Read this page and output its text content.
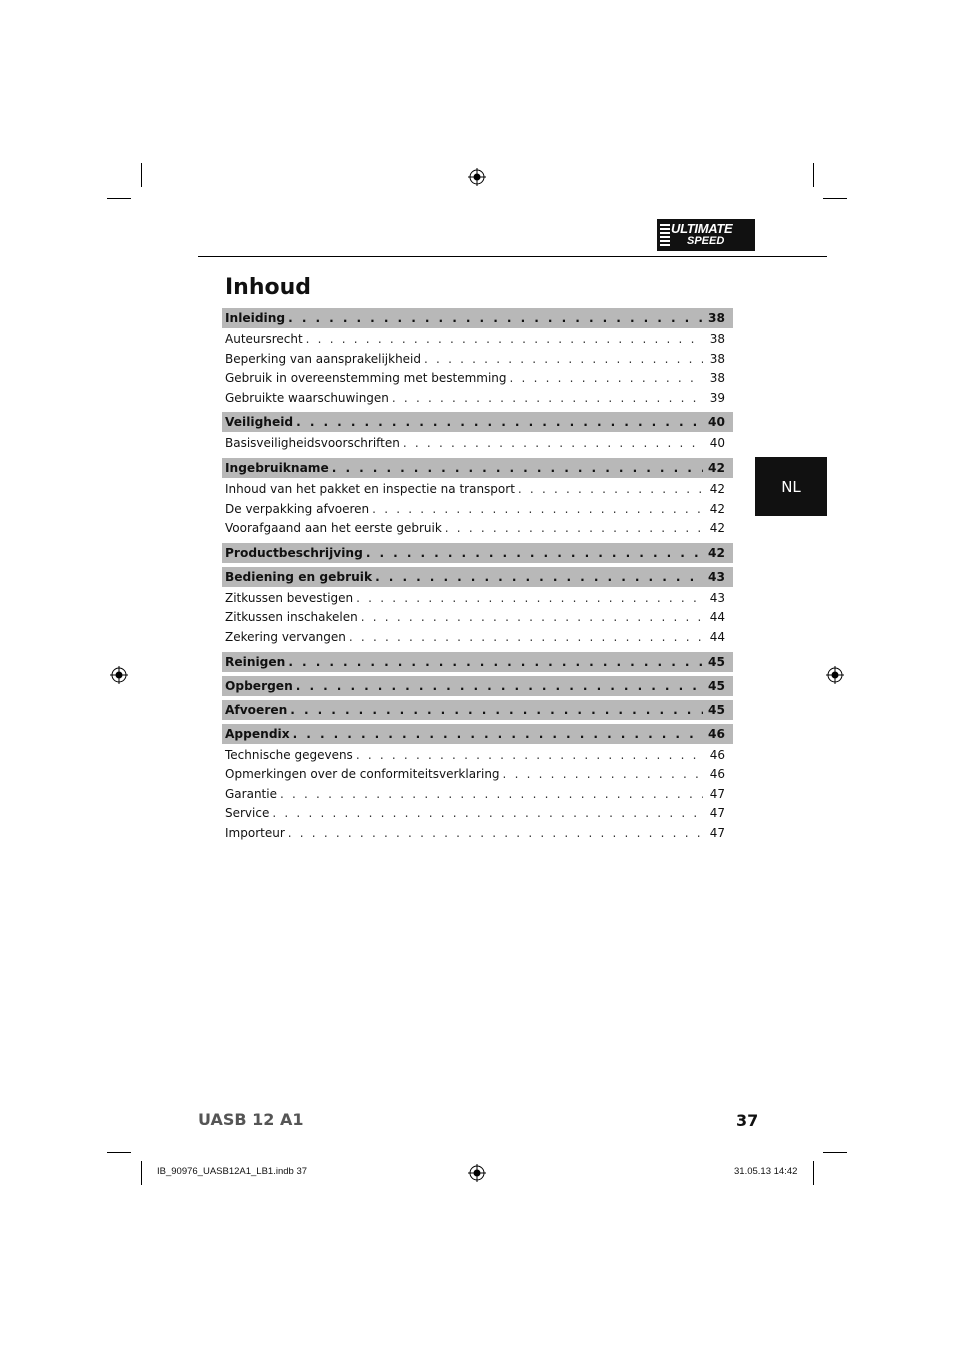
ULTIMATE
SPEED
Inhoud
Inleiding . . .	38
Auteursrecht . . .	38
Beperking van aansprakelijkheid . . .	38
Gebruik in overeenstemming met bestemming . . .	38
Gebruikte waarschuwingen . . .	39
Veiligheid . . .	40
Basisveiligheidsvoorschriften . . .	40
Ingebruikname . . .	42
Inhoud van het pakket en inspectie na transport . . .	42
De verpakking afvoeren . . .	42
Voorafgaand aan het eerste gebruik . . .	42
Productbeschrijving . . .	42
Bediening en gebruik . . .	43
Zitkussen bevestigen . . .	43
Zitkussen inschakelen . . .	44
Zekering vervangen . . .	44
Reinigen . . .	45
Opbergen . . .	45
Afvoeren . . .	45
Appendix . . .	46
Technische gegevens . . .	46
Opmerkingen over de conformiteitsverklaring . . .	46
Garantie . . .	47
Service . . .	47
Importeur . . .	47
NL
UASB 12 A1	37
IB_90976_UASB12A1_LB1.indb 37	31.05.13 14:42
